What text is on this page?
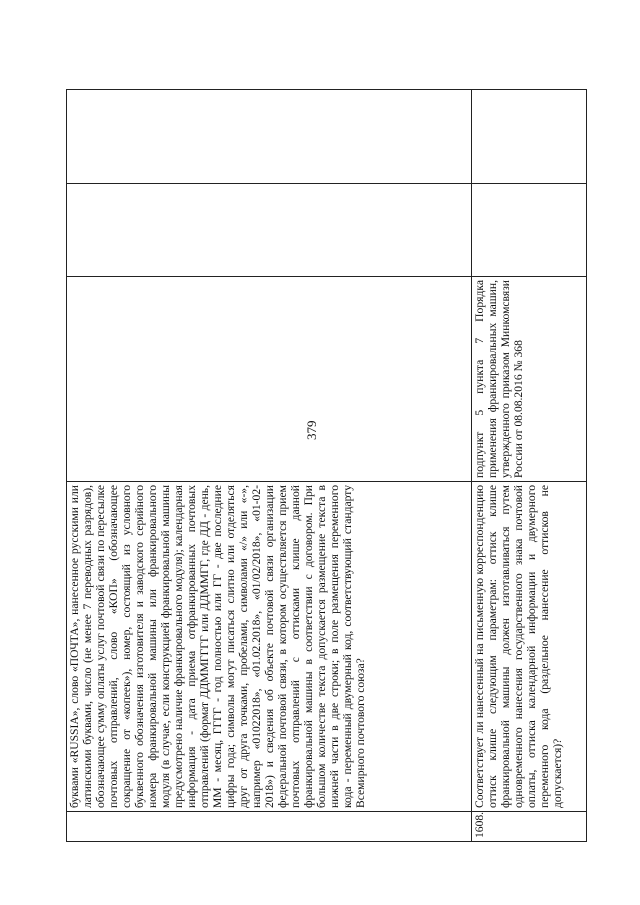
379
	буквами «RUSSIA», слово «ПОЧТА», нанесенное русскими или латинскими буквами, число (не менее 7 переводных разрядов), обозначающее сумму оплаты услуг почтовой связи по пересылке почтовых отправлений, слово «КОП» (обозначающее сокращение от «копеек»), номер, состоящий из условного буквенного обозначения изготовителя и заводского серийного номера франкировальной машины или франкировального модуля (в случае, если конструкцией франкировальной машины предусмотрено наличие франкировального модуля); календарная информация - дата приема отфранкированных почтовых отправлений (формат ДДММГГГГ или ДДММГГ, где ДД - день, ММ - месяц, ГГГГ - год полностью или ГГ - две последние цифры года; символы могут писаться слитно или отделяться друг от друга точками, пробелами, символами «/» или «-», например «01022018», «01.02.2018», «01/02/2018», «01-02-2018») и сведения об объекте почтовой связи организации федеральной почтовой связи, в котором осуществляется прием почтовых отправлений с оттисками клише данной франкировальной машины в соответствии с договором. При большом количестве текста допускается размещение текста в нижней части в две строки; в поле размещения переменного кода - переменный двумерный код, соответствующий стандарту Всемирного почтового союза?			
1608.	Соответствует ли нанесенный на письменную корреспонденцию оттиск клише следующим параметрам: оттиск клише франкировальной машины должен изготавливаться путем одновременного нанесения государственного знака почтовой оплаты, оттиска календарной информации и двумерного переменного кода (раздельное нанесение оттисков не допускается)?	подпункт 5 пункта 7 Порядка применения франкировальных машин, утвержденного приказом Минкомсвязи России от 08.08.2016 № 368		
